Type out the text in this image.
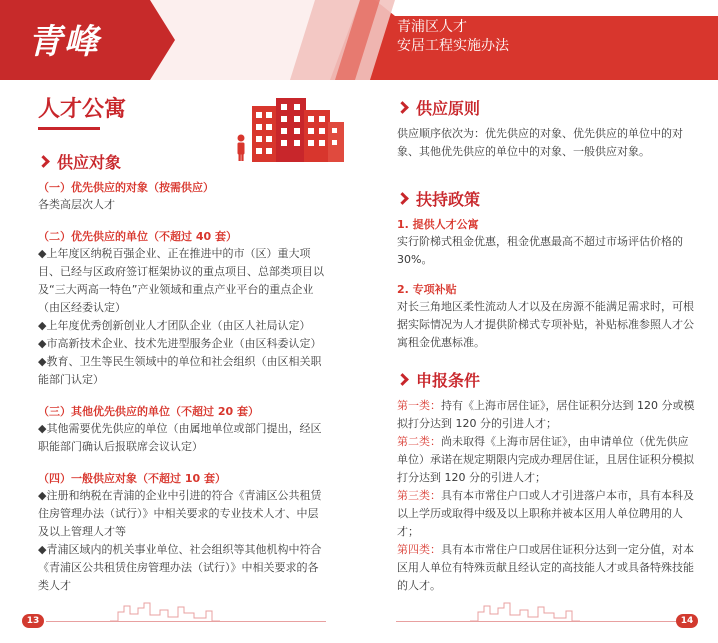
青峰	青浦区人才
安居工程实施办法
人才公寓
供应对象
（一）优先供应的对象（按需供应）

各类高层次人才

（二）优先供应的单位（不超过 40 套）

◆上年度区纳税百强企业、正在推进中的市（区）重大项目、已经与区政府签订框架协议的重点项目、总部类项目以及“三大两高一特色”产业领域和重点产业平台的重点企业（由区经委认定）

◆上年度优秀创新创业人才团队企业（由区人社局认定）

◆市高新技术企业、技术先进型服务企业（由区科委认定）

◆教育、卫生等民生领域中的单位和社会组织（由区相关职能部门认定）

（三）其他优先供应的单位（不超过 20 套）

◆其他需要优先供应的单位（由属地单位或部门提出，经区职能部门确认后报联席会议认定）

（四）一般供应对象（不超过 10 套）

◆注册和纳税在青浦的企业中引进的符合《青浦区公共租赁住房管理办法（试行）》中相关要求的专业技术人才、中层及以上管理人才等

◆青浦区域内的机关事业单位、社会组织等其他机构中符合《青浦区公共租赁住房管理办法（试行）》中相关要求的各类人才

供应原则

供应顺序依次为：优先供应的对象、优先供应的单位中的对象、其他优先供应的单位中的对象、一般供应对象。

扶持政策
1. 提供人才公寓

实行阶梯式租金优惠，租金优惠最高不超过市场评估价格的 30%。

2. 专项补贴

对长三角地区柔性流动人才以及在房源不能满足需求时，可根据实际情况为人才提供阶梯式专项补贴，补贴标准参照人才公寓租金优惠标准。

申报条件

第一类：持有《上海市居住证》，居住证积分达到 120 分或模拟打分达到 120 分的引进人才；

第二类：尚未取得《上海市居住证》，由申请单位（优先供应单位）承诺在规定期限内完成办理居住证，且居住证积分模拟打分达到 120 分的引进人才；

第三类：具有本市常住户口或人才引进落户本市，具有本科及以上学历或取得中级及以上职称并被本区用人单位聘用的人才；

第四类：具有本市常住户口或居住证积分达到一定分值，对本区用人单位有特殊贡献且经认定的高技能人才或具备特殊技能的人才。

13	14
